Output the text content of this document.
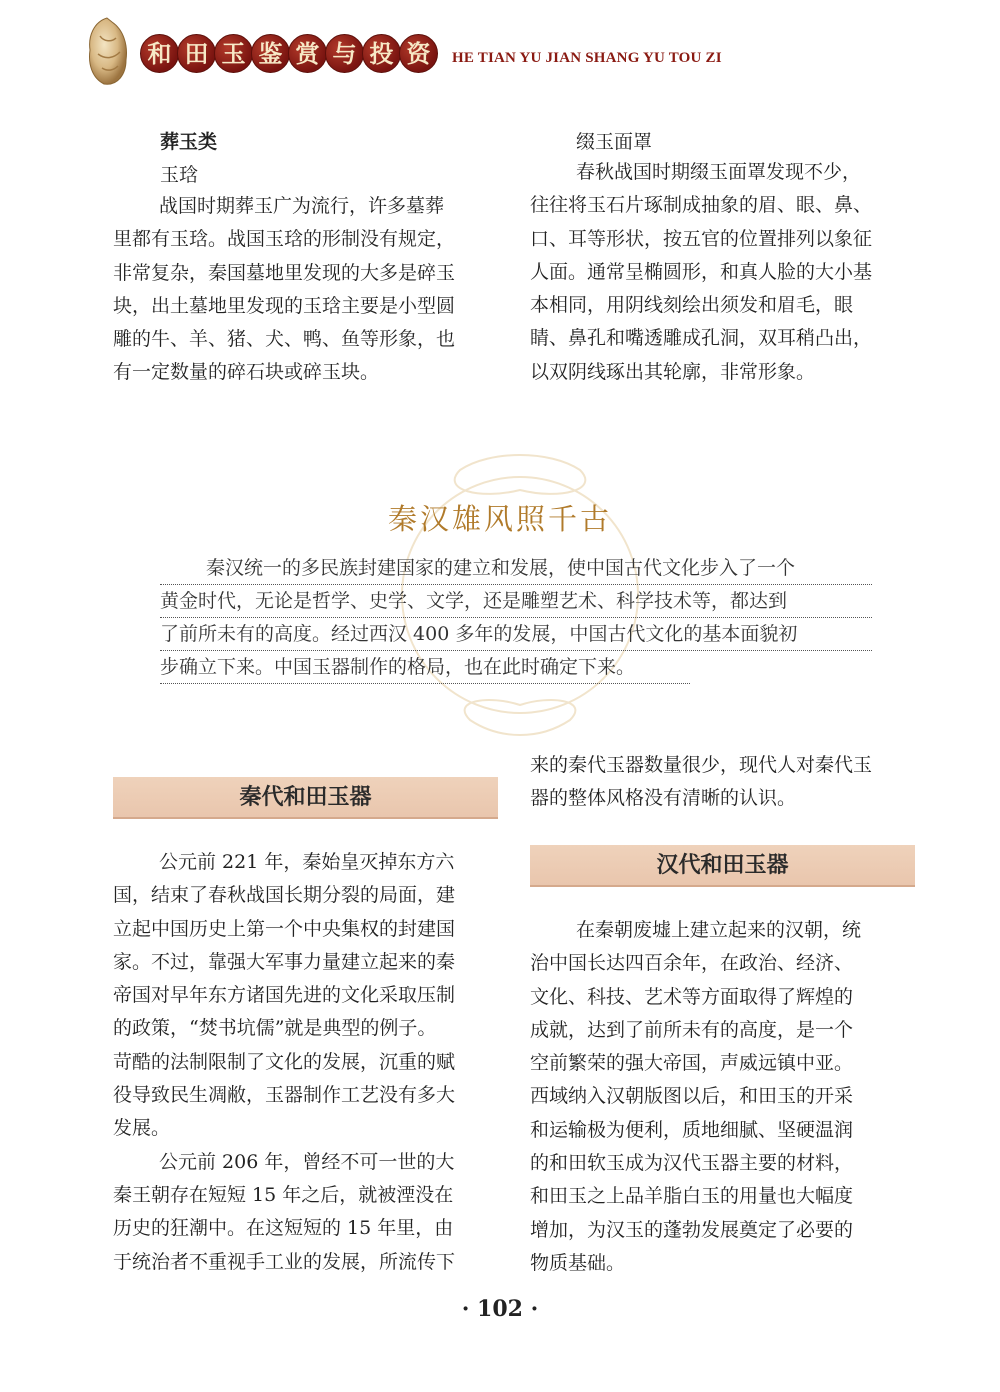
和 田 玉 鉴 赏 与 投 资	HE TIAN YU JIAN SHANG YU TOU ZI
葬玉类
玉琀
战国时期葬玉广为流行，许多墓葬
里都有玉琀。战国玉琀的形制没有规定，
非常复杂，秦国墓地里发现的大多是碎玉
块，出土墓地里发现的玉琀主要是小型圆
雕的牛、羊、猪、犬、鸭、鱼等形象，也
有一定数量的碎石块或碎玉块。
缀玉面罩
春秋战国时期缀玉面罩发现不少，
往往将玉石片琢制成抽象的眉、眼、鼻、
口、耳等形状，按五官的位置排列以象征
人面。通常呈椭圆形，和真人脸的大小基
本相同，用阴线刻绘出须发和眉毛，眼
睛、鼻孔和嘴透雕成孔洞，双耳稍凸出，
以双阴线琢出其轮廓，非常形象。
秦汉雄风照千古
秦汉统一的多民族封建国家的建立和发展，使中国古代文化步入了一个
黄金时代，无论是哲学、史学、文学，还是雕塑艺术、科学技术等，都达到
了前所未有的高度。经过西汉 400 多年的发展，中国古代文化的基本面貌初
步确立下来。中国玉器制作的格局，也在此时确定下来。
秦代和田玉器
公元前 221 年，秦始皇灭掉东方六
国，结束了春秋战国长期分裂的局面，建
立起中国历史上第一个中央集权的封建国
家。不过，靠强大军事力量建立起来的秦
帝国对早年东方诸国先进的文化采取压制
的政策，“焚书坑儒”就是典型的例子。
苛酷的法制限制了文化的发展，沉重的赋
役导致民生凋敝，玉器制作工艺没有多大
发展。
公元前 206 年，曾经不可一世的大
秦王朝存在短短 15 年之后，就被湮没在
历史的狂潮中。在这短短的 15 年里，由
于统治者不重视手工业的发展，所流传下
来的秦代玉器数量很少，现代人对秦代玉
器的整体风格没有清晰的认识。
汉代和田玉器
在秦朝废墟上建立起来的汉朝，统
治中国长达四百余年，在政治、经济、
文化、科技、艺术等方面取得了辉煌的
成就，达到了前所未有的高度，是一个
空前繁荣的强大帝国，声威远镇中亚。
西域纳入汉朝版图以后，和田玉的开采
和运输极为便利，质地细腻、坚硬温润
的和田软玉成为汉代玉器主要的材料，
和田玉之上品羊脂白玉的用量也大幅度
增加，为汉玉的蓬勃发展奠定了必要的
物质基础。
· 102 ·
